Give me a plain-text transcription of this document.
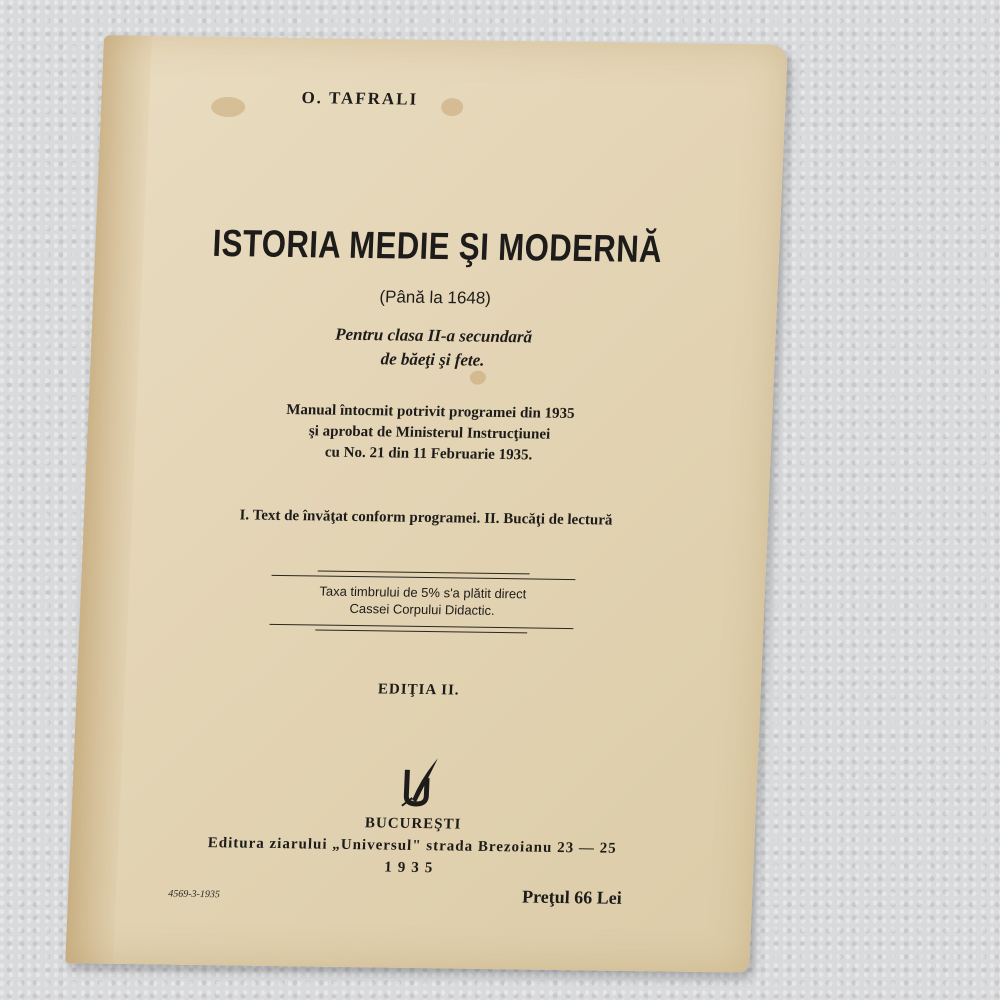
O. TAFRALI
ISTORIA MEDIE ŞI MODERNĂ
(Până la 1648)
Pentru clasa II-a secundară
de băeţi şi fete.
Manual întocmit potrivit programei din 1935
şi aprobat de Ministerul Instrucţiunei
cu No. 21 din 11 Februarie 1935.
I. Text de învăţat conform programei. II. Bucăţi de lectură
Taxa timbrului de 5% s'a plătit direct
Cassei Corpului Didactic.
EDIŢIA II.
BUCUREŞTI
Editura ziarului „Universul" strada Brezoianu 23 — 25
1935
4569-3-1935	Preţul 66 Lei
